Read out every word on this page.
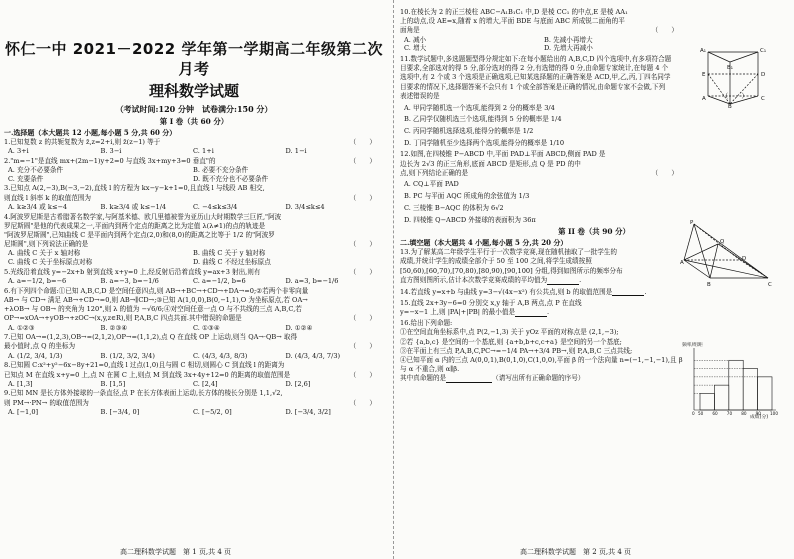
怀仁一中 2021－2022 学年第一学期高二年级第二次月考
理科数学试题
（考试时间:120 分钟　试卷满分:150 分）
第 I 卷（共 60 分）
一.选择题（本大题共 12 小题,每小题 5 分,共 60 分）
1.已知复数 z 的共轭复数为 z̄,z=2+i,则 z̄(z−1) 等于	（　　）
A. 3+i	B. 3−i	C. 1+i	D. 1−i
2."m=−1"是直线 mx+(2m−1)y+2=0 与直线 3x+my+3=0 垂直"的	（　　）
A. 充分不必要条件	B. 必要不充分条件
C. 充要条件	D. 既不充分也不必要条件
3.已知点 A(2,−3),B(−3,−2),直线 l 的方程为 kx−y−k+1=0,且直线 l 与线段 AB 相交,
则直线 l 斜率 k 的取值范围为	（　　）
A. k≥3/4 或 k≤−4	B. k≥3/4 或 k≤−1/4	C. −4≤k≤3/4	D. 3/4≤k≤4
4.阿波罗尼斯是古希腊著名数学家,与阿基米德、欧几里德被誉为亚历山大时期数学三巨匠,"阿波
罗尼斯圆"是他的代表成果之一,平面内到两个定点的距离之比为定值 λ(λ≠1)的点的轨迹是
"阿波罗尼斯圆",已知曲线 C 是平面内到两个定点(2,0)和(8,0)的距离之比等于 1/2 的"阿波罗
尼斯圆",则下列说法正确的是	（　　）
A. 曲线 C 关于 x 轴对称	B. 曲线 C 关于 y 轴对称
C. 曲线 C 关于坐标原点对称	D. 曲线 C 不经过坐标原点
5.光线沿着直线 y=−2x+b 射到直线 x+y=0 上,经反射后沿着直线 y=ax+3 射出,则有	（　　）
A. a=−1/2, b=−6	B. a=−3, b=−1/6	C. a=−1/2, b=6	D. a=3, b=−1/6
6.有下列四个命题:①已知 A,B,C,D 是空间任意四点,则 AB→+BC→+CD→+DA→=0;②若两个非零向量
AB→ 与 CD→ 满足 AB→+CD→=0,则 AB→∥CD→;③已知 A(1,0,0),B(0,−1,1),O 为坐标原点,若 OA→
+λOB→ 与 OB→ 的夹角为 120°,则 λ 的值为 −√6/6;④对空间任意一点 O 与不共线的三点 A,B,C,若
OP→=xOA→+yOB→+zOC→(x,y,z∈R),则 P,A,B,C 四点共面.其中错误的命题是	（　　）
A. ①②③	B. ②③④	C. ①③④	D. ①②④
7.已知 OA→=(1,2,3),OB→=(2,1,2),OP→=(1,1,2),点 Q 在直线 OP 上运动,则当 QA→·QB→ 取得
最小值时,点 Q 的坐标为	（　　）
A. (1/2, 3/4, 1/3)	B. (1/2, 3/2, 3/4)	C. (4/3, 4/3, 8/3)	D. (4/3, 4/3, 7/3)
8.已知圆 C:x²+y²−6x−8y+21=0,直线 l 过点(1,0)且与圆 C 相切,则圆心 C 到直线 l 的距离为
已知点 M 在直线 x+y=0 上,点 N 在圆 C 上,则点 M 到直线 3x+4y+12=0 的距离的取值范围是	（　　）
A. [1,3]	B. [1,5]	C. [2,4]	D. [2,6]
9.已知 MN 是长方体外接球的一条直径,点 P 在长方体表面上运动,长方体的棱长分别是 1,1,√2,
则 PM→·PN→ 的取值范围为	（　　）
A. [−1,0]	B. [−3/4, 0]	C. [−5/2, 0]	D. [−3/4, 3/2]
高二理科数学试题　第 1 页,共 4 页
10.在棱长为 2 的正三棱柱 ABC−A₁B₁C₁ 中,D 是棱 CC₁ 的中点,E 是棱 AA₁
上的动点,设 AE=x,随着 x 的增大,平面 BDE 与底面 ABC 所成锐二面角的平
面角是	（　　）
A. 减小	B. 先减小再增大
C. 增大	D. 先增大再减小
11.数学试题中,多选题题型得分规定如下:在每小题给出的 A,B,C,D 四个选项中,有多项符合题
目要求,全部选对的得 5 分,部分选对的得 2 分,有选错的得 0 分,由命题专家统计,在每题 4 个
选项中,有 2 个或 3 个选项是正确选项,已知某选择题的正确答案是 ACD,甲,乙,丙,丁四名同学
目要求的情况下,选择题答案不会只有 1 个或全部答案是正确的情况,由命题专家不会做,下列
表述错误的是	（　　）
A. 甲同学随机选一个选项,能得到 2 分的概率是 3/4
B. 乙同学仅随机选三个选项,能得到 5 分的概率是 1/4
C. 丙同学随机选择选项,能得分的概率是 1/2
D. 丁同学随机至少选择两个选项,能得分的概率是 1/10
12.如图,在四棱锥 P−ABCD 中,平面 PAD⊥平面 ABCD,侧面 PAD 是
边长为 2√3 的正三角形,底面 ABCD 是矩形,点 Q 是 PD 的中
点,则下列结论正确的是	（　　）
A. CQ⊥平面 PAD
B. PC 与平面 AQC 所成角的余弦值为 1/3
C. 三棱锥 B−AQC 的体积为 6√2
D. 四棱锥 Q−ABCD 外接球的表面积为 36π
第 II 卷（共 90 分）
二.填空题（本大题共 4 小题,每小题 5 分,共 20 分）
13.为了解某高二年级学生平行于一次数学竞赛,现在随机抽取了一批学生的
成绩,并统计学生的成绩全部介于 50 至 100 之间,将学生成绩按照
[50,60),[60,70),[70,80),[80,90),[90,100] 分组,得到如图所示的频率分布
直方图则图所示,估计本次数学竞赛成绩的平均值为	.
14.若直线 y=x+b 与曲线 y=3−√(4x−x²) 有公共点,则 b 的取值范围是	.
15.直线 2x+3y−6=0 分别交 x,y 轴于 A,B 两点,点 P 在直线
y=−x−1 上,则 |PA|+|PB| 的最小值是	.
16.给出下列命题:
①在空间直角坐标系中,点 P(2,−1,3) 关于 yOz 平面的对称点是 (2,1,−3);
②若 {a,b,c} 是空间的一个基底,则 {a+b,b+c,c+a} 是空间的另一个基底;
③在平面上有三点 P,A,B,C,PC→=−1/4 PA→+3/4 PB→,则 P,A,B,C 三点共线;
④已知平面 α 内的三点 A(0,0,1),B(0,1,0),C(1,0,0),平面 β 的一个法向量 n=(−1,−1,−1),且 β
与 α 不重合,则 α∥β.
其中真命题的是	（请写出所有正确命题的序号）
高二理科数学试题　第 2 页,共 4 页
A₁	C₁
B₁
E	D
A	C
B
P
Q
A
D
B	C
频率/组距
成绩(分)
0 50 60 70 80 90 100
